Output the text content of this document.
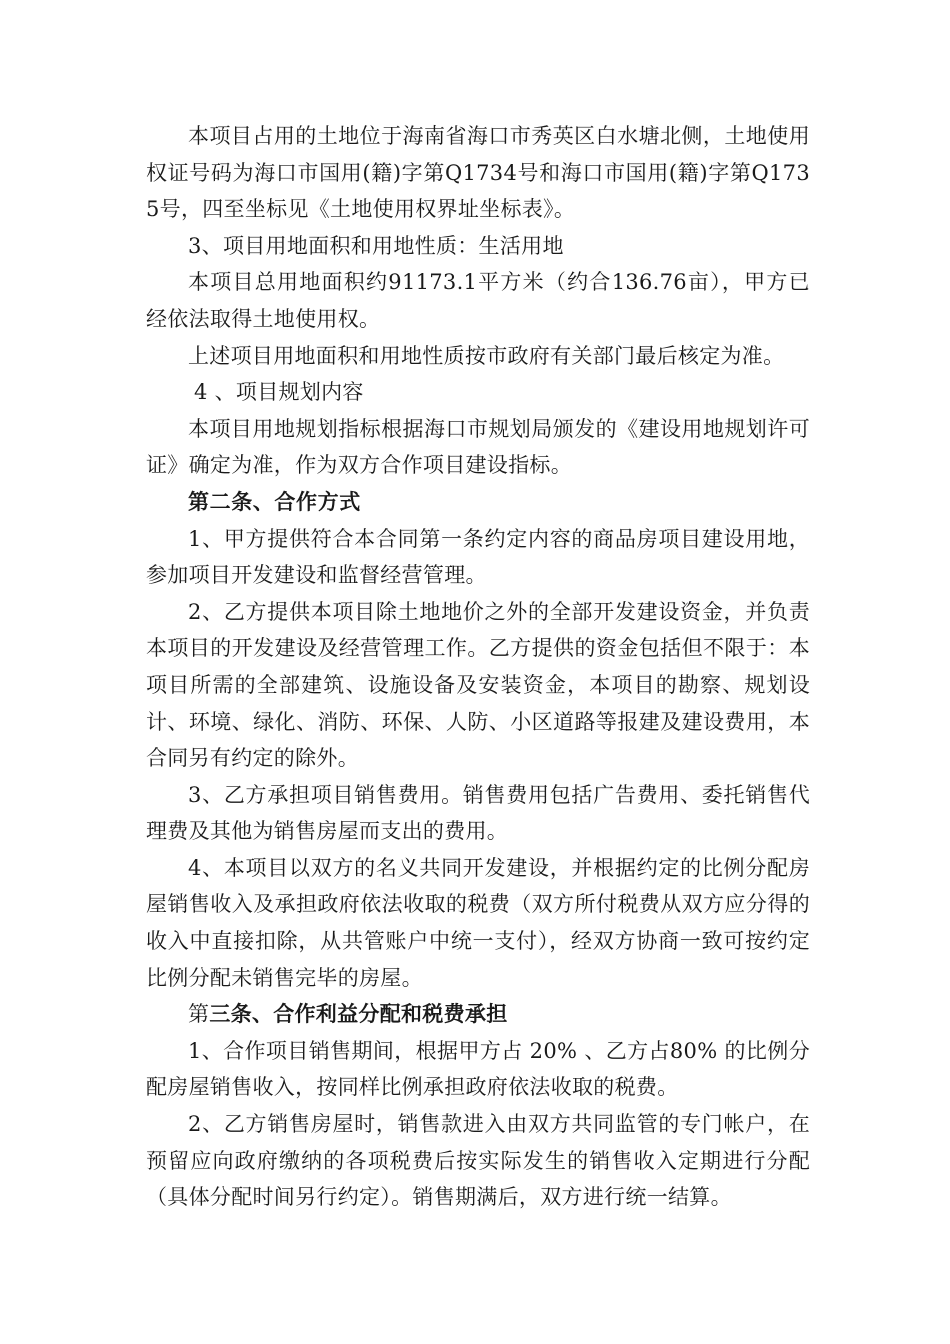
本项目占用的土地位于海南省海口市秀英区白水塘北侧，土地使用权证号码为海口市国用(籍)字第Q1734号和海口市国用(籍)字第Q1735号，四至坐标见《土地使用权界址坐标表》。

3、项目用地面积和用地性质：生活用地

本项目总用地面积约91173.1平方米（约合136.76亩），甲方已经依法取得土地使用权。

上述项目用地面积和用地性质按市政府有关部门最后核定为准。

4 、项目规划内容

本项目用地规划指标根据海口市规划局颁发的《建设用地规划许可证》确定为准，作为双方合作项目建设指标。

第二条、合作方式

1、甲方提供符合本合同第一条约定内容的商品房项目建设用地，参加项目开发建设和监督经营管理。

2、乙方提供本项目除土地地价之外的全部开发建设资金，并负责本项目的开发建设及经营管理工作。乙方提供的资金包括但不限于：本项目所需的全部建筑、设施设备及安装资金，本项目的勘察、规划设计、环境、绿化、消防、环保、人防、小区道路等报建及建设费用，本合同另有约定的除外。

3、乙方承担项目销售费用。销售费用包括广告费用、委托销售代理费及其他为销售房屋而支出的费用。

4、本项目以双方的名义共同开发建设，并根据约定的比例分配房屋销售收入及承担政府依法收取的税费（双方所付税费从双方应分得的收入中直接扣除，从共管账户中统一支付），经双方协商一致可按约定比例分配未销售完毕的房屋。

第三条、合作利益分配和税费承担

1、合作项目销售期间，根据甲方占 20% 、乙方占80% 的比例分配房屋销售收入，按同样比例承担政府依法收取的税费。

2、乙方销售房屋时，销售款进入由双方共同监管的专门帐户，在预留应向政府缴纳的各项税费后按实际发生的销售收入定期进行分配（具体分配时间另行约定）。销售期满后，双方进行统一结算。
